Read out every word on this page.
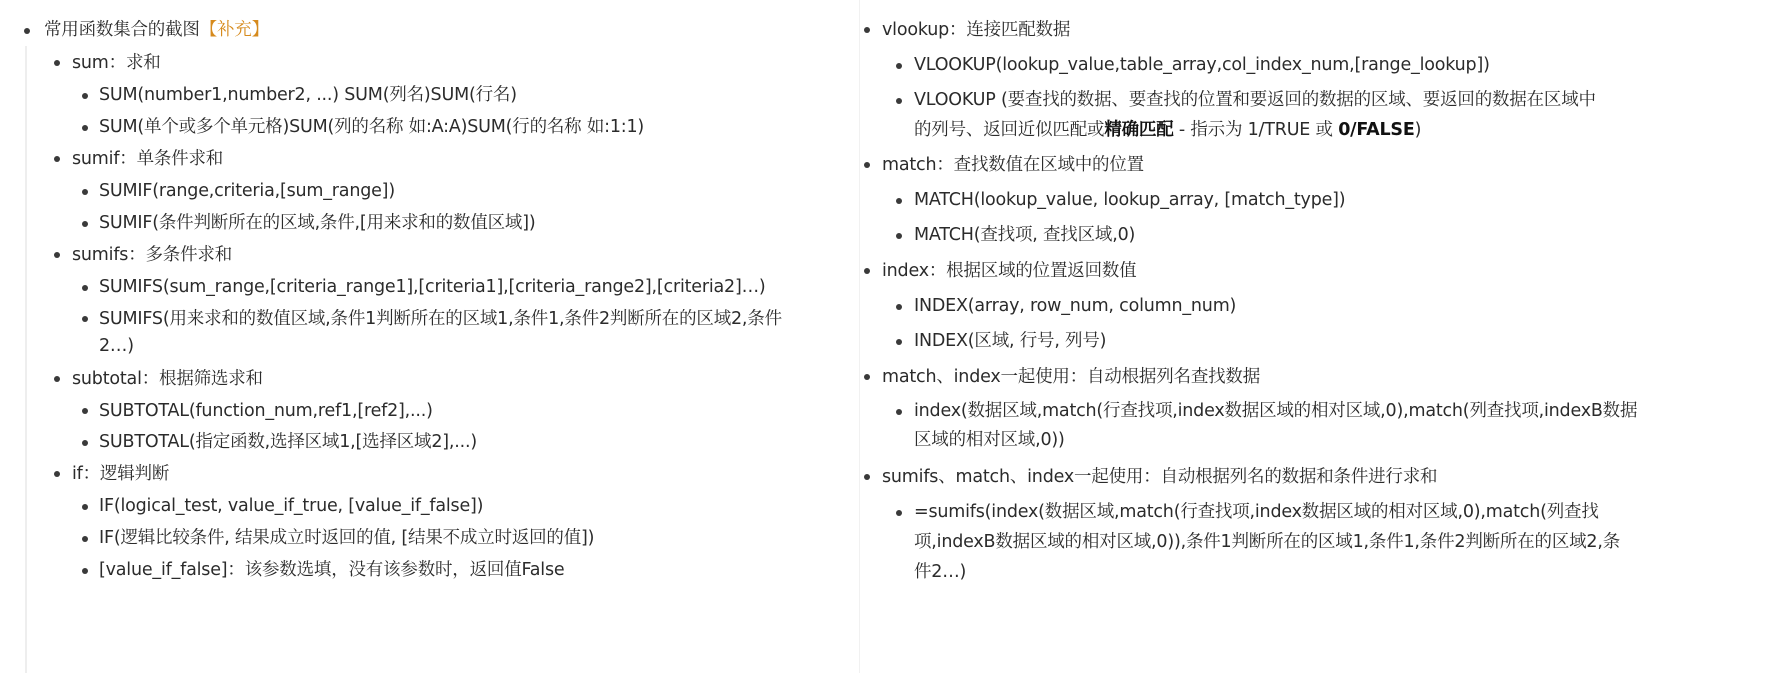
常用函数集合的截图【补充】
sum：求和
SUM(number1,number2, ...) SUM(列名)SUM(行名)
SUM(单个或多个单元格)SUM(列的名称 如:A:A)SUM(行的名称 如:1:1)
sumif：单条件求和
SUMIF(range,criteria,[sum_range])
SUMIF(条件判断所在的区域,条件,[用来求和的数值区域])
sumifs：多条件求和
SUMIFS(sum_range,[criteria_range1],[criteria1],[criteria_range2],[criteria2]…)
SUMIFS(用来求和的数值区域,条件1判断所在的区域1,条件1,条件2判断所在的区域2,条件
2…)
subtotal：根据筛选求和
SUBTOTAL(function_num,ref1,[ref2],...)
SUBTOTAL(指定函数,选择区域1,[选择区域2],...)
if：逻辑判断
IF(logical_test, value_if_true, [value_if_false])
IF(逻辑比较条件, 结果成立时返回的值, [结果不成立时返回的值])
[value_if_false]：该参数选填，没有该参数时，返回值False
vlookup：连接匹配数据
VLOOKUP(lookup_value,table_array,col_index_num,[range_lookup])
VLOOKUP (要查找的数据、要查找的位置和要返回的数据的区域、要返回的数据在区域中
的列号、返回近似匹配或精确匹配 - 指示为 1/TRUE 或 0/FALSE)
match：查找数值在区域中的位置
MATCH(lookup_value, lookup_array, [match_type])
MATCH(查找项, 查找区域,0)
index：根据区域的位置返回数值
INDEX(array, row_num, column_num)
INDEX(区域, 行号, 列号)
match、index一起使用：自动根据列名查找数据
index(数据区域,match(行查找项,index数据区域的相对区域,0),match(列查找项,indexB数据
区域的相对区域,0))
sumifs、match、index一起使用：自动根据列名的数据和条件进行求和
=sumifs(index(数据区域,match(行查找项,index数据区域的相对区域,0),match(列查找
项,indexB数据区域的相对区域,0)),条件1判断所在的区域1,条件1,条件2判断所在的区域2,条
件2…)
